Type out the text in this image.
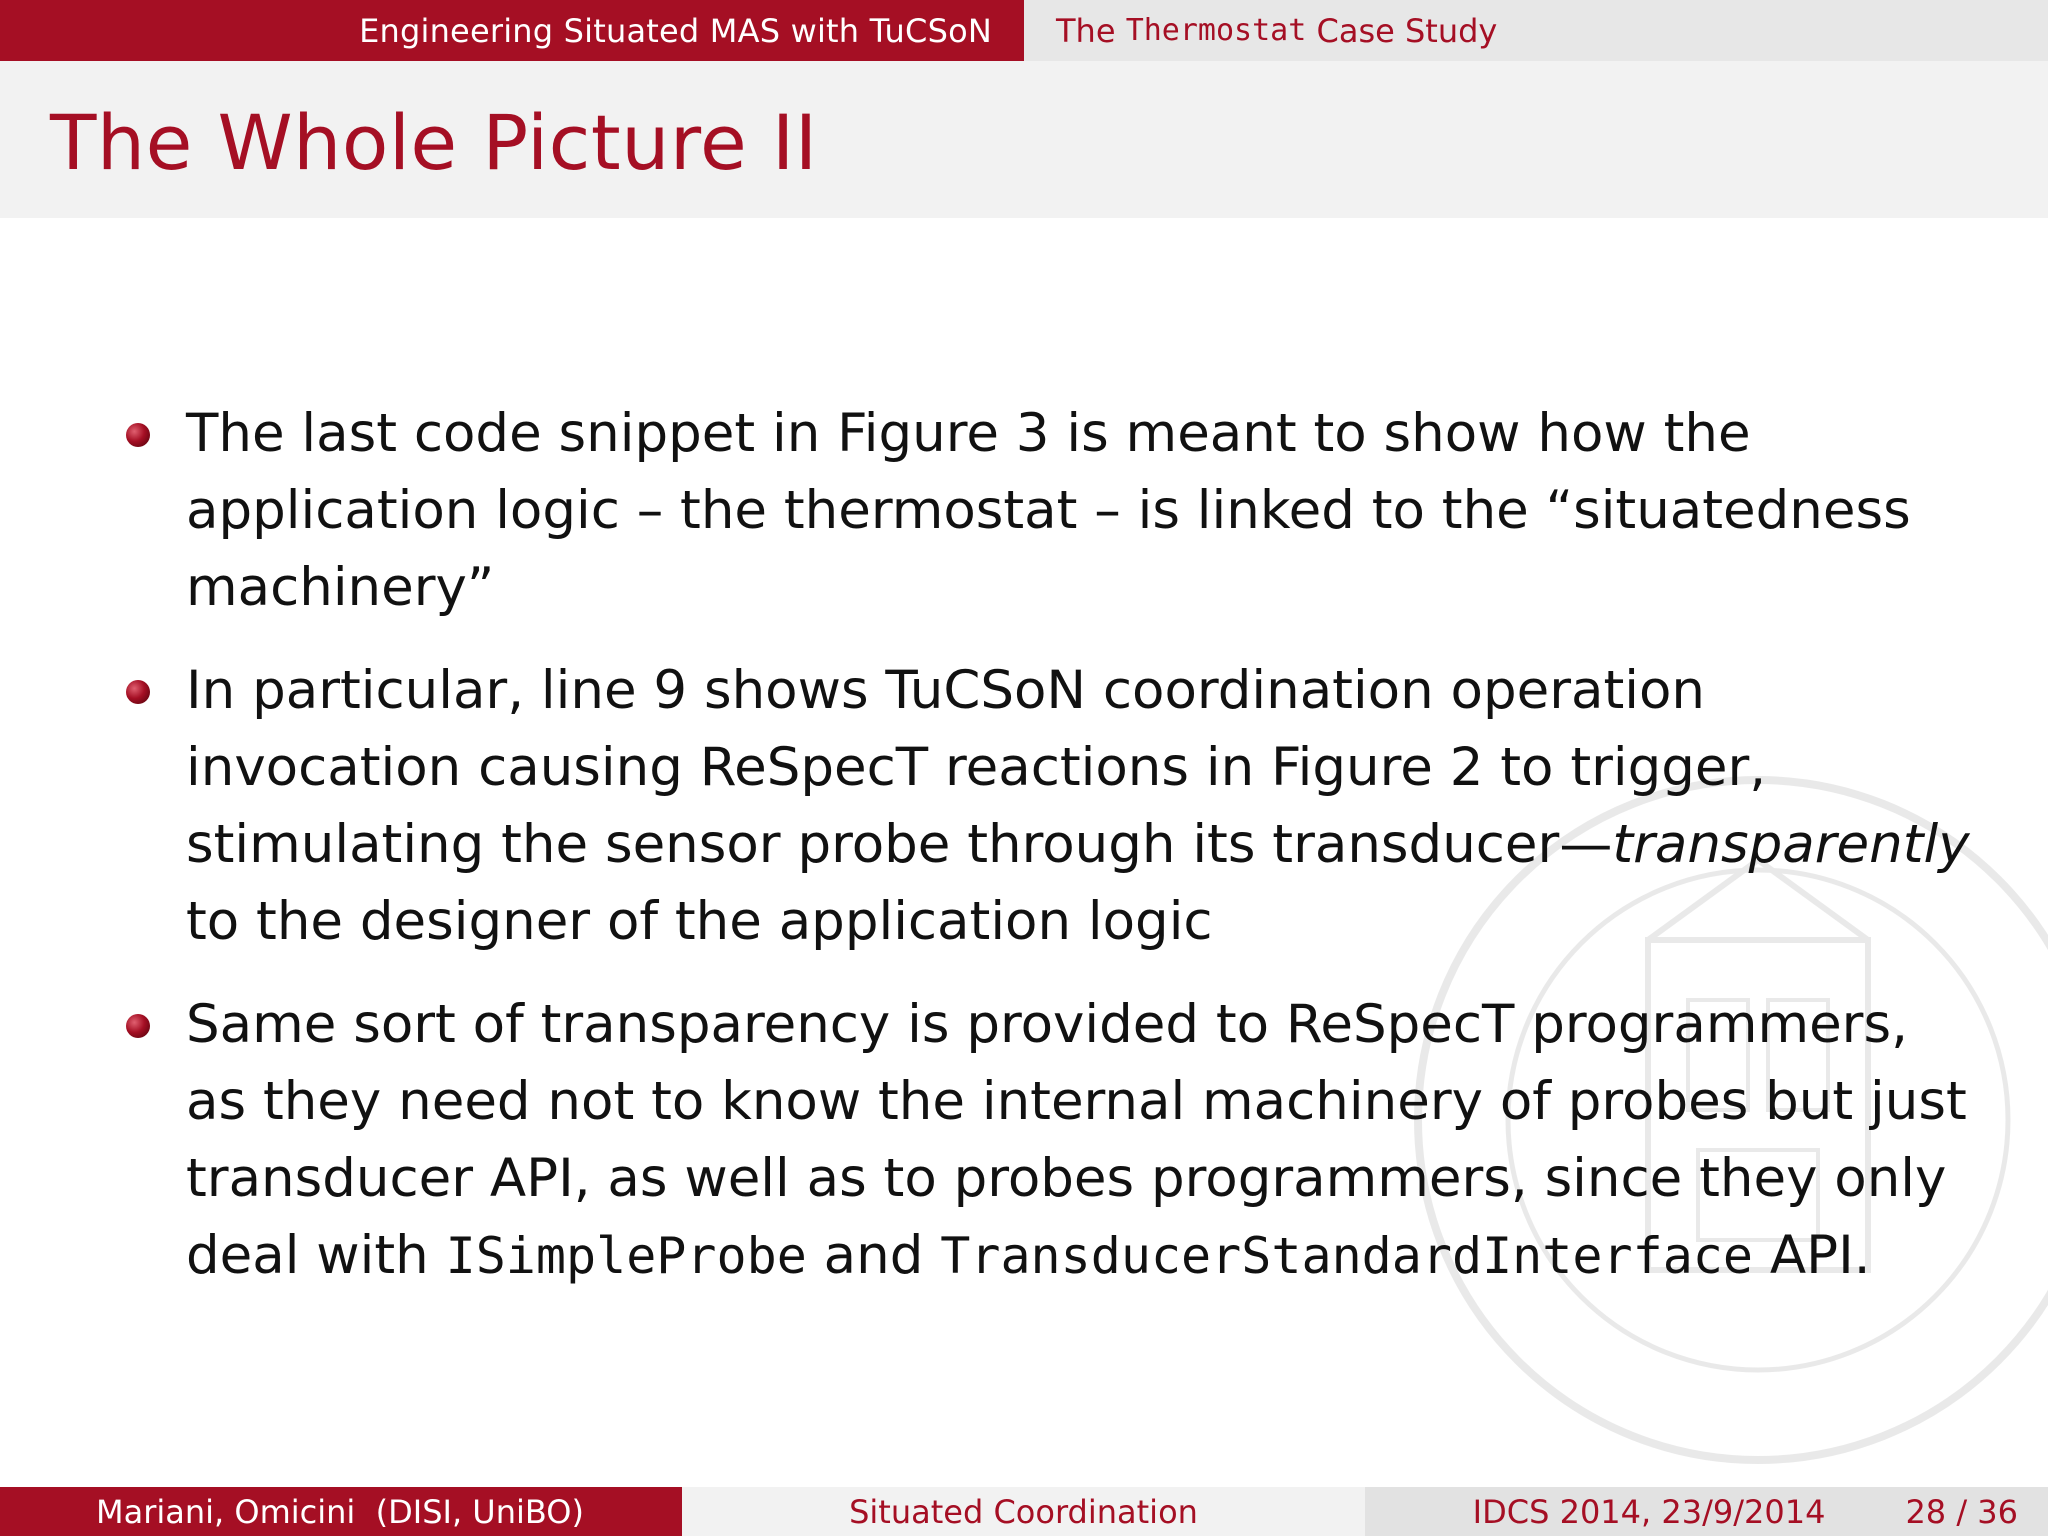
Engineering Situated MAS with TuCSoN The Thermostat Case Study
The Whole Picture II
The last code snippet in Figure 3 is meant to show how the application logic – the thermostat – is linked to the “situatedness machinery”
In particular, line 9 shows TuCSoN coordination operation invocation causing ReSpecT reactions in Figure 2 to trigger, stimulating the sensor probe through its transducer—transparently to the designer of the application logic
Same sort of transparency is provided to ReSpecT programmers, as they need not to know the internal machinery of probes but just transducer API, as well as to probes programmers, since they only deal with ISimpleProbe and TransducerStandardInterface API.
Mariani, Omicini  (DISI, UniBO)	Situated Coordination	IDCS 2014, 23/9/2014	28 / 36
